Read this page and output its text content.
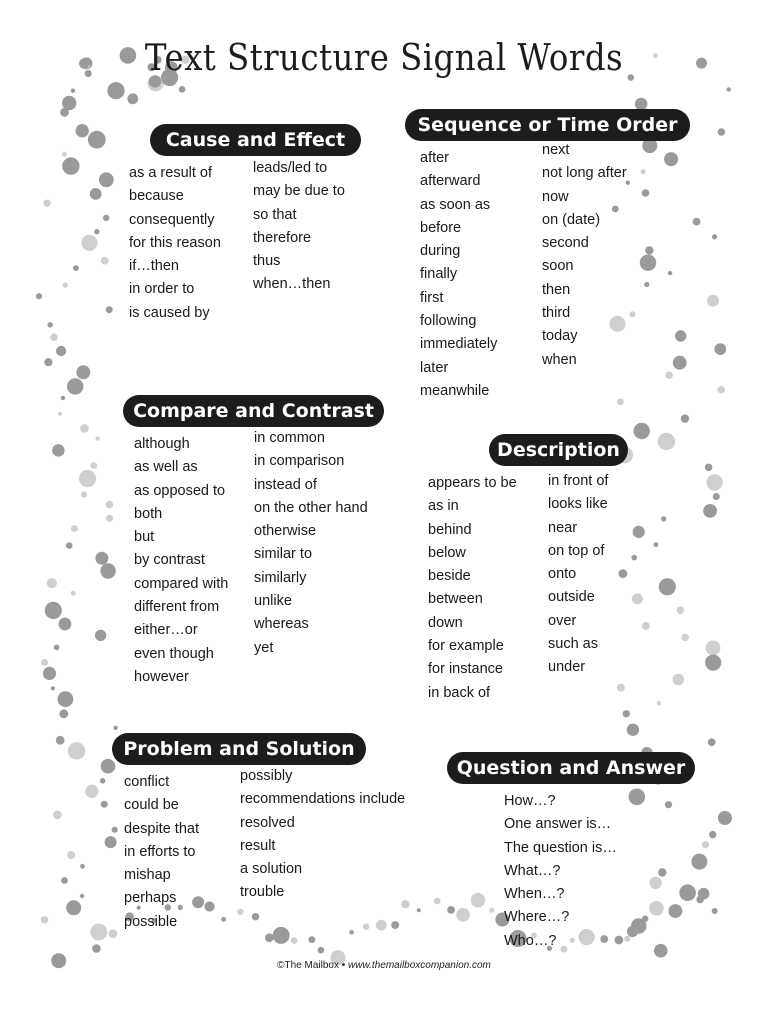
Text Structure Signal Words
Cause and Effect
as a result of
because
consequently
for this reason
if…then
in order to
is caused by
leads/led to
may be due to
so that
therefore
thus
when…then
Sequence or Time Order
after
afterward
as soon as
before
during
finally
first
following
immediately
later
meanwhile
next
not long after
now
on (date)
second
soon
then
third
today
when
Compare and Contrast
although
as well as
as opposed to
both
but
by contrast
compared with
different from
either…or
even though
however
in common
in comparison
instead of
on the other hand
otherwise
similar to
similarly
unlike
whereas
yet
Description
appears to be
as in
behind
below
beside
between
down
for example
for instance
in back of
in front of
looks like
near
on top of
onto
outside
over
such as
under
Problem and Solution
conflict
could be
despite that
in efforts to
mishap
perhaps
possible
possibly
recommendations include
resolved
result
a solution
trouble
Question and Answer
How…?
One answer is…
The question is…
What…?
When…?
Where…?
Who…?
©The Mailbox • www.themailboxcompanion.com
